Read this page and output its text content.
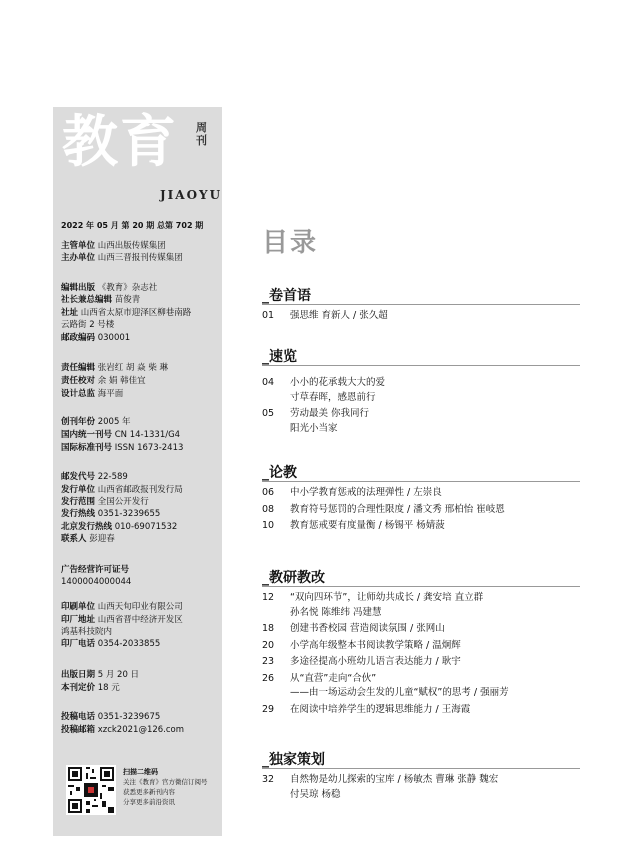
教育 周刊
JIAOYU
2022 年 05 月 第 20 期 总第 702 期
主管单位 山西出版传媒集团
主办单位 山西三晋报刊传媒集团
编辑出版 《教育》杂志社
社长兼总编辑 苗俊青
社址 山西省太原市迎泽区柳巷南路
云路街 2 号楼
邮政编码 030001
责任编辑 张岩红 胡 焱 柴 琳
责任校对 余 娟 韩佳宜
设计总监 海平面
创刊年份 2005 年
国内统一刊号 CN 14-1331/G4
国际标准刊号 ISSN 1673-2413
邮发代号 22-589
发行单位 山西省邮政报刊发行局
发行范围 全国公开发行
发行热线 0351-3239655
北京发行热线 010-69071532
联系人 彭迎春
广告经营许可证号
1400004000044
印刷单位 山西天旬印业有限公司
印厂地址 山西省晋中经济开发区
鸿基科技院内
印厂电话 0354-2033855
出版日期 5 月 20 日
本刊定价 18 元
投稿电话 0351-3239675
投稿邮箱 xzck2021@126.com
扫描二维码
关注《教育》官方微信订阅号
获悉更多新刊内容
分享更多前沿资讯
目录
_卷首语
01	强思维 育新人 / 张久超
_速览
04	小小的花承载大大的爱
寸草春晖，感恩前行
05	劳动最美 你我同行
阳光小当家
_论教
06	中小学教育惩戒的法理弹性 / 左崇良
08	教育符号惩罚的合理性限度 / 潘文秀 邢柏怡 崔岐恩
10	教育惩戒要有度量衡 / 杨锡平 杨婧菠
_教研教改
12	“双向四环节”，让师幼共成长 / 龚安培 直立群
孙名悦 陈维纬 冯建慧
18	创建书香校园 营造阅读氛围 / 张网山
20	小学高年级整本书阅读教学策略 / 温炯辉
23	多途径提高小班幼儿语言表达能力 / 耿宇
26	从“直营”走向“合伙”
——由一场运动会生发的儿童“赋权”的思考 / 强丽芳
29	在阅读中培养学生的逻辑思维能力 / 王海霞
_独家策划
32	自然物是幼儿探索的宝库 / 杨敏杰 曹琳 张静 魏宏
付吴琼 杨稳
